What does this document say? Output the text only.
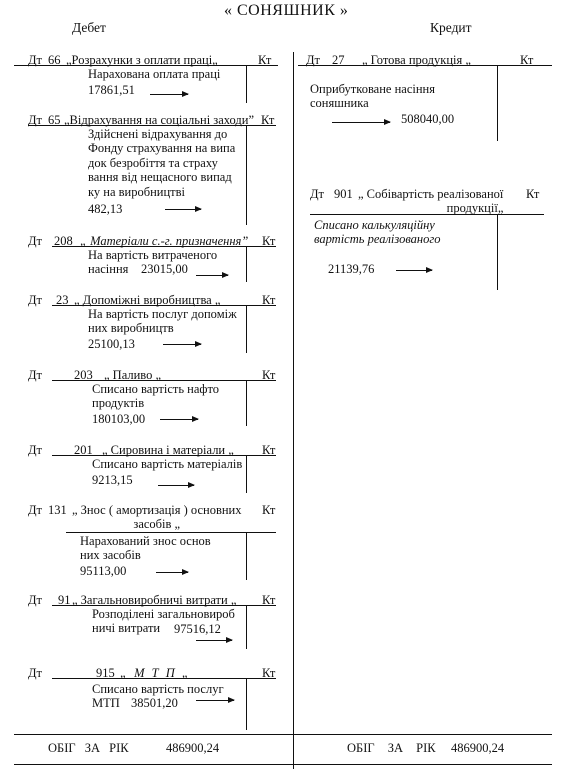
« СОНЯШНИК »
Дебет	Кредит
Дт 66 „Розрахунки з оплати праці„	Кт
Нарахована оплата праці
17861,51
Дт 65 „Відрахування на соціальні заходи” Кт
Здійснені відрахування до
Фонду страхування на випа
док безробіття та страху
вання від нещасного випад
ку на виробництві
482,13
Дт 208 „ Матеріали с.-г. призначення” Кт
На вартість витраченого
насіння	23015,00
Дт 23 „ Допоміжні виробництва „	Кт
На вартість послуг допоміж
них виробництв
25100,13
Дт	203 „ Паливо „	Кт
Списано вартість нафто
продуктів
180103,00
Дт	201 „ Сировина і матеріали „ Кт
Списано вартість матеріалів
9213,15
Дт 131 „ Знос ( амортизація ) основних
засобів „
Кт
Нарахований знос основ
них засобів
95113,00
Дт 91 „ Загальновиробничі витрати „ Кт
Розподілені загальновироб
ничі витрати	97516,12
Дт	915 „ М Т П „	Кт
Списано вартість послуг
МТП 38501,20
Дт 27 „ Готова продукція „	Кт
Оприбутковане насіння
соняшника
508040,00
Дт 901 „ Собівартість реалізованої
продукції„
Кт
Списано калькуляційну
вартість реалізованого
21139,76
ОБІГ ЗА РІК	486900,24	ОБІГ ЗА РІК 486900,24
